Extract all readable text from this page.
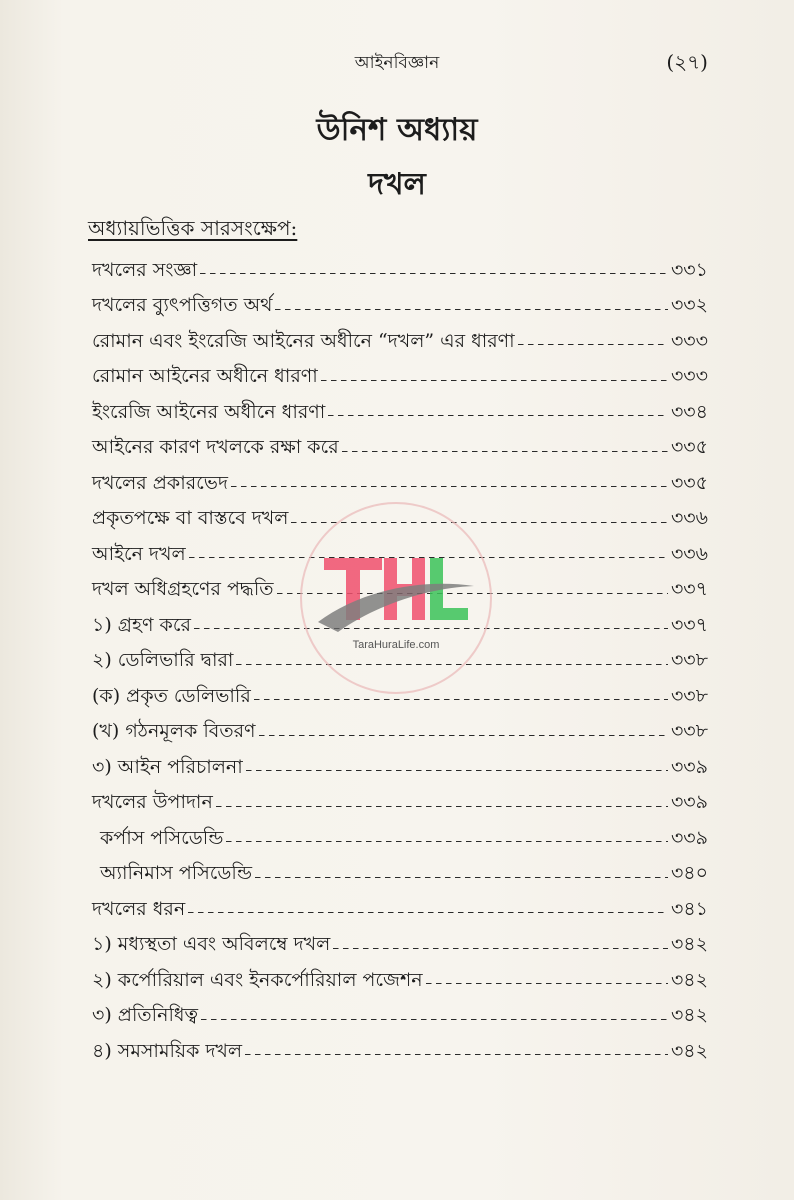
আইনবিজ্ঞান	(২৭)
উনিশ অধ্যায়
দখল
অধ্যায়ভিত্তিক সারসংক্ষেপ:
দখলের সংজ্ঞা	৩৩১
দখলের ব্যুৎপত্তিগত অর্থ	৩৩২
রোমান এবং ইংরেজি আইনের অধীনে “দখল” এর ধারণা	৩৩৩
রোমান আইনের অধীনে ধারণা	৩৩৩
ইংরেজি আইনের অধীনে ধারণা	৩৩৪
আইনের কারণ দখলকে রক্ষা করে	৩৩৫
দখলের প্রকারভেদ	৩৩৫
প্রকৃতপক্ষে বা বাস্তবে দখল	৩৩৬
আইনে দখল	৩৩৬
দখল অধিগ্রহণের পদ্ধতি	৩৩৭
১) গ্রহণ করে	৩৩৭
২) ডেলিভারি দ্বারা	৩৩৮
(ক) প্রকৃত ডেলিভারি	৩৩৮
(খ) গঠনমূলক বিতরণ	৩৩৮
৩) আইন পরিচালনা	৩৩৯
দখলের উপাদান	৩৩৯
কর্পাস পসিডেন্ডি	৩৩৯
অ্যানিমাস পসিডেন্ডি	৩৪০
দখলের ধরন	৩৪১
১) মধ্যস্থতা এবং অবিলম্বে দখল	৩৪২
২) কর্পোরিয়াল এবং ইনকর্পোরিয়াল পজেশন	৩৪২
৩) প্রতিনিধিত্ব	৩৪২
৪) সমসাময়িক দখল	৩৪২
TaraHuraLife.com
